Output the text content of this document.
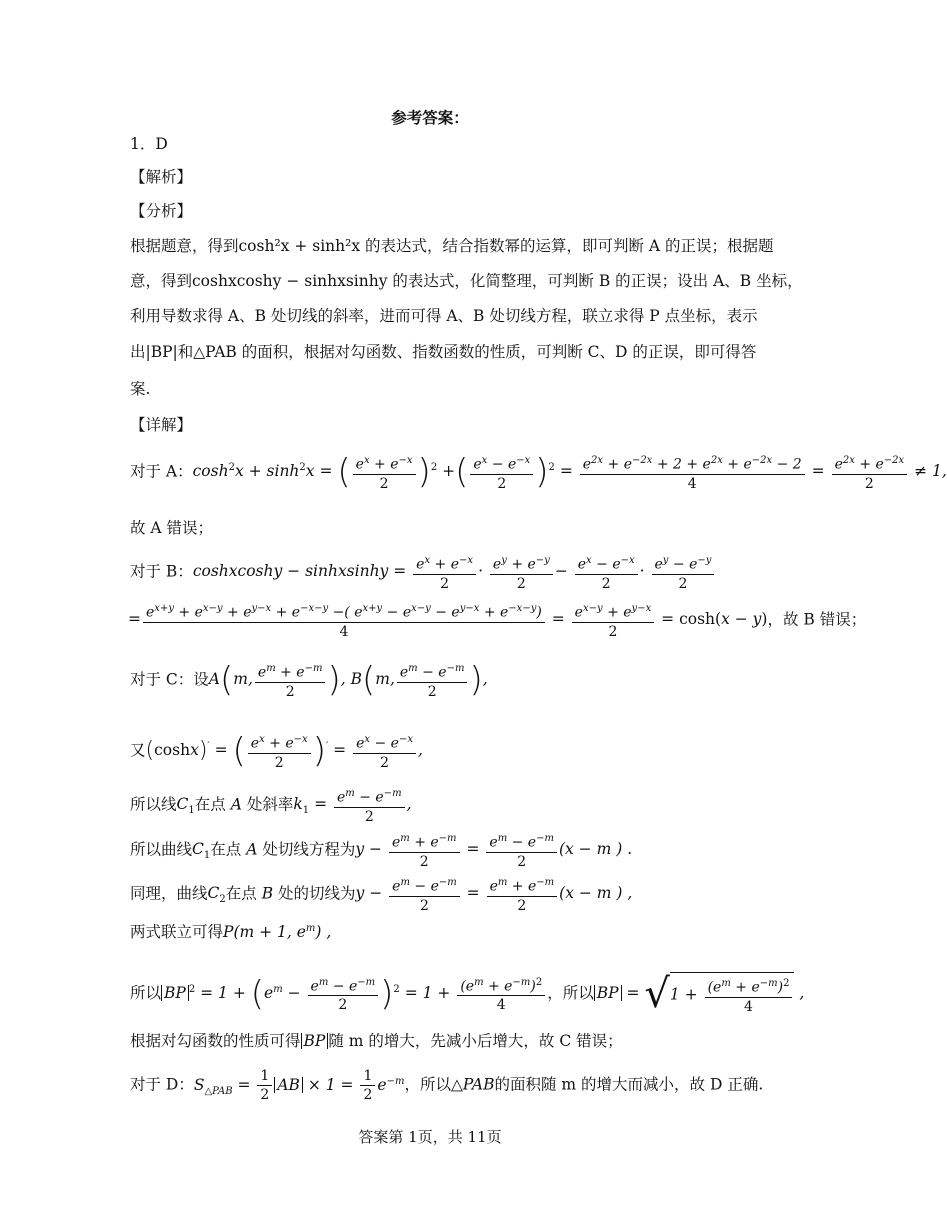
参考答案：
1．D
【解析】
【分析】
根据题意，得到cosh²x + sinh²x 的表达式，结合指数幂的运算，即可判断 A 的正误；根据题
意，得到coshxcoshy − sinhxsinhy 的表达式，化简整理，可判断 B 的正误；设出 A、B 坐标，
利用导数求得 A、B 处切线的斜率，进而可得 A、B 处切线方程，联立求得 P 点坐标，表示
出|BP|和△PAB 的面积，根据对勾函数、指数函数的性质，可判断 C、D 的正误，即可得答
案.
【详解】
对于 A：$\cosh^2x + \sinh^2x$ = ( $\frac{e^x + e^{-x}}{2} )^2$ +( $\frac{e^x - e^{-x}}{2} )^2 = \frac{e^{2x} + e^{-2x} + 2 + e^{2x} + e^{-2x} - 2}{4} = \frac{e^{2x} + e^{-2x}}{2} \ne 1$,
故 A 错误；
对于 B：coshxcoshy − sinhxsinhy = $\frac{e^x + e^{-x}}{2} \cdot \frac{e^y + e^{-y}}{2} - \frac{e^x - e^{-x}}{2} \cdot \frac{e^y - e^{-y}}{2}$
= $\frac{e^{x+y} + e^{x-y} + e^{y-x} + e^{-x-y} -( e^{x+y} - e^{x-y} - e^{y-x} + e^{-x-y})}{4} = \frac{e^{x-y} + e^{y-x}}{2} = \cosh(x - y)$，故 B 错误；
对于 C：设A(m, $\frac{e^m + e^{-m}}{2}$ ), B(m, $\frac{e^m - e^{-m}}{2}$ ),
又(coshx)′ = ( $\frac{e^x + e^{-x}}{2} )' = \frac{e^x - e^{-x}}{2}$ ,
所以线$C_1$在点 A 处斜率$k_1 = \frac{e^m - e^{-m}}{2}$ ,
所以曲线$C_1$在点 A 处切线方程为$y - \frac{e^m + e^{-m}}{2} = \frac{e^m - e^{-m}}{2} (x - m$ ) .
同理，曲线$C_2$在点 B 处的切线为$y - \frac{e^m - e^{-m}}{2} = \frac{e^m + e^{-m}}{2} (x - m$ ) ,
两式联立可得P(m + 1, $e^m$) ,
所以 BP $^2 = 1 + (e^m - \frac{e^m - e^{-m}}{2} )^2 = 1 + \frac{(e^m + e^{-m})^2}{4}$ ，所以 BP = $√1 + \frac{(e^m + e^{-m})^2}{4}$ ,
根据对勾函数的性质可得 BP 随 m 的增大，先减小后增大，故 C 错误；
对于 D：$S_{\triangle PAB} = \frac{1}{2}$ AB × $1 = \frac{1}{2} e^{-m}$，所以△PAB的面积随 m 的增大而减小，故 D 正确.
答案第 1页，共 11页
